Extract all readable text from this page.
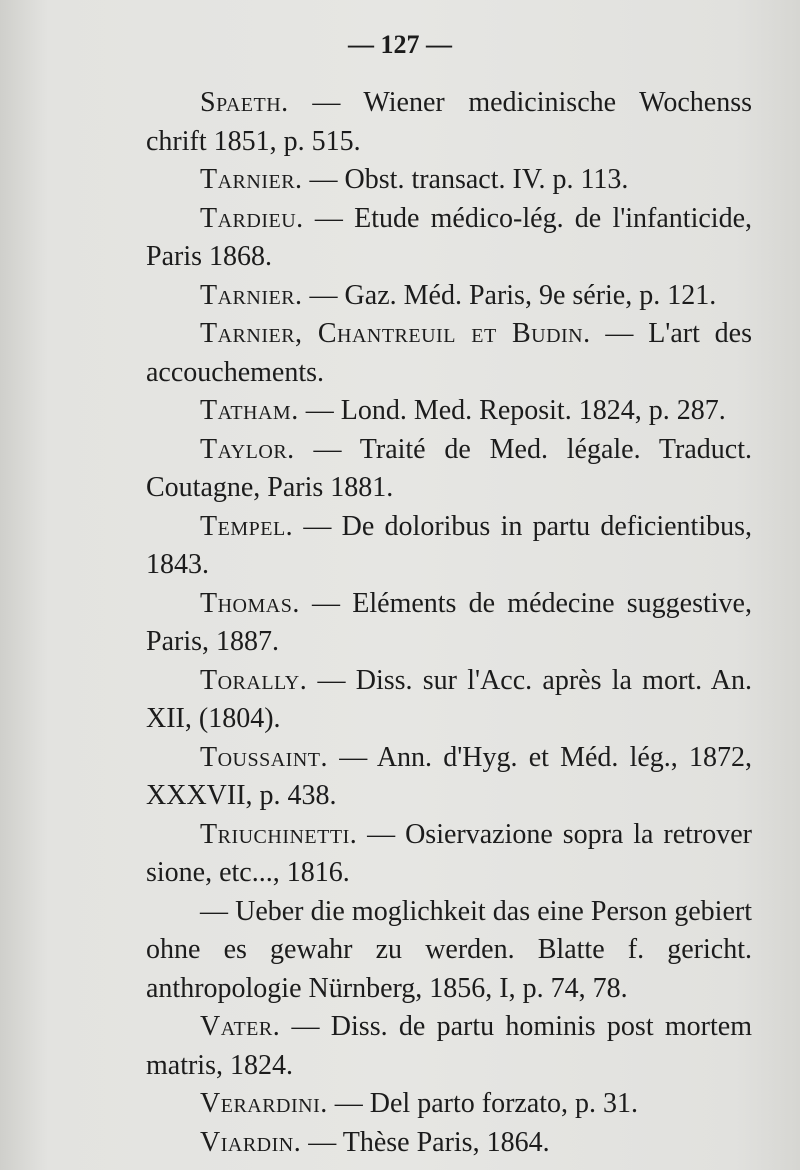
— 127 —

Spaeth. — Wiener medicinische Wochenss chrift 1851, p. 515.

Tarnier. — Obst. transact. IV. p. 113.

Tardieu. — Etude médico-lég. de l'infanticide, Paris 1868.

Tarnier. — Gaz. Méd. Paris, 9e série, p. 121.

Tarnier, Chantreuil et Budin. — L'art des accouchements.

Tatham. — Lond. Med. Reposit. 1824, p. 287.

Taylor. — Traité de Med. légale. Traduct. Coutagne, Paris 1881.

Tempel. — De doloribus in partu deficientibus, 1843.

Thomas. — Eléments de médecine suggestive, Paris, 1887.

Torally. — Diss. sur l'Acc. après la mort. An. XII, (1804).

Toussaint. — Ann. d'Hyg. et Méd. lég., 1872, XXXVII, p. 438.

Triuchinetti. — Osiervazione sopra la retrover sione, etc..., 1816.

— Ueber die moglichkeit das eine Person gebiert ohne es gewahr zu werden. Blatte f. gericht. anthropologie Nürnberg, 1856, I, p. 74, 78.

Vater. — Diss. de partu hominis post mortem matris, 1824.

Verardini. — Del parto forzato, p. 31.

Viardin. — Thèse Paris, 1864.
